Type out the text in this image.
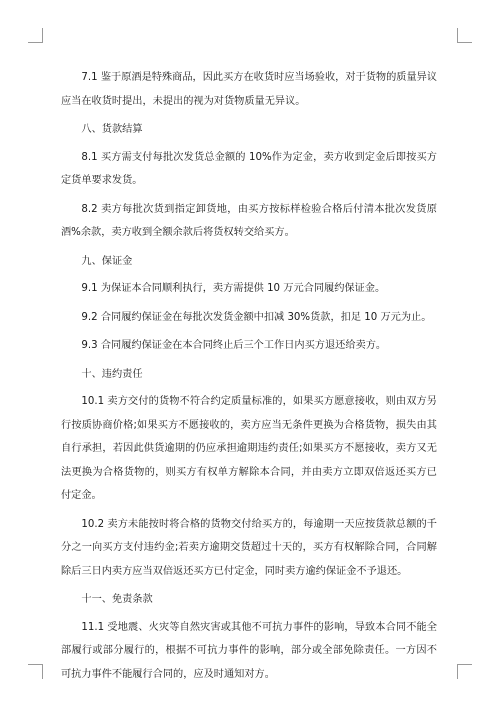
7.1 鉴于原酒是特殊商品，因此买方在收货时应当场验收，对于货物的质量异议应当在收货时提出，未提出的视为对货物质量无异议。

八、货款结算

8.1 买方需支付每批次发货总金额的 10%作为定金，卖方收到定金后即按买方定货单要求发货。

8.2 卖方每批次货到指定卸货地，由买方按标样检验合格后付清本批次发货原酒%余款，卖方收到全额余款后将货权转交给买方。

九、保证金

9.1 为保证本合同顺利执行，卖方需提供 10 万元合同履约保证金。

9.2 合同履约保证金在每批次发货金额中扣减 30%货款，扣足 10 万元为止。

9.3 合同履约保证金在本合同终止后三个工作日内买方退还给卖方。

十、违约责任

10.1 卖方交付的货物不符合约定质量标准的，如果买方愿意接收，则由双方另行按质协商价格;如果买方不愿接收的，卖方应当无条件更换为合格货物，损失由其自行承担，若因此供货逾期的仍应承担逾期违约责任;如果买方不愿接收，卖方又无法更换为合格货物的，则买方有权单方解除本合同，并由卖方立即双倍返还买方已付定金。

10.2 卖方未能按时将合格的货物交付给买方的，每逾期一天应按货款总额的千分之一向买方支付违约金;若卖方逾期交货超过十天的，买方有权解除合同，合同解除后三日内卖方应当双倍返还买方已付定金，同时卖方逾约保证金不予退还。

十一、免责条款

11.1 受地震、火灾等自然灾害或其他不可抗力事件的影响，导致本合同不能全部履行或部分履行的，根据不可抗力事件的影响，部分或全部免除责任。一方因不可抗力事件不能履行合同的，应及时通知对方。
